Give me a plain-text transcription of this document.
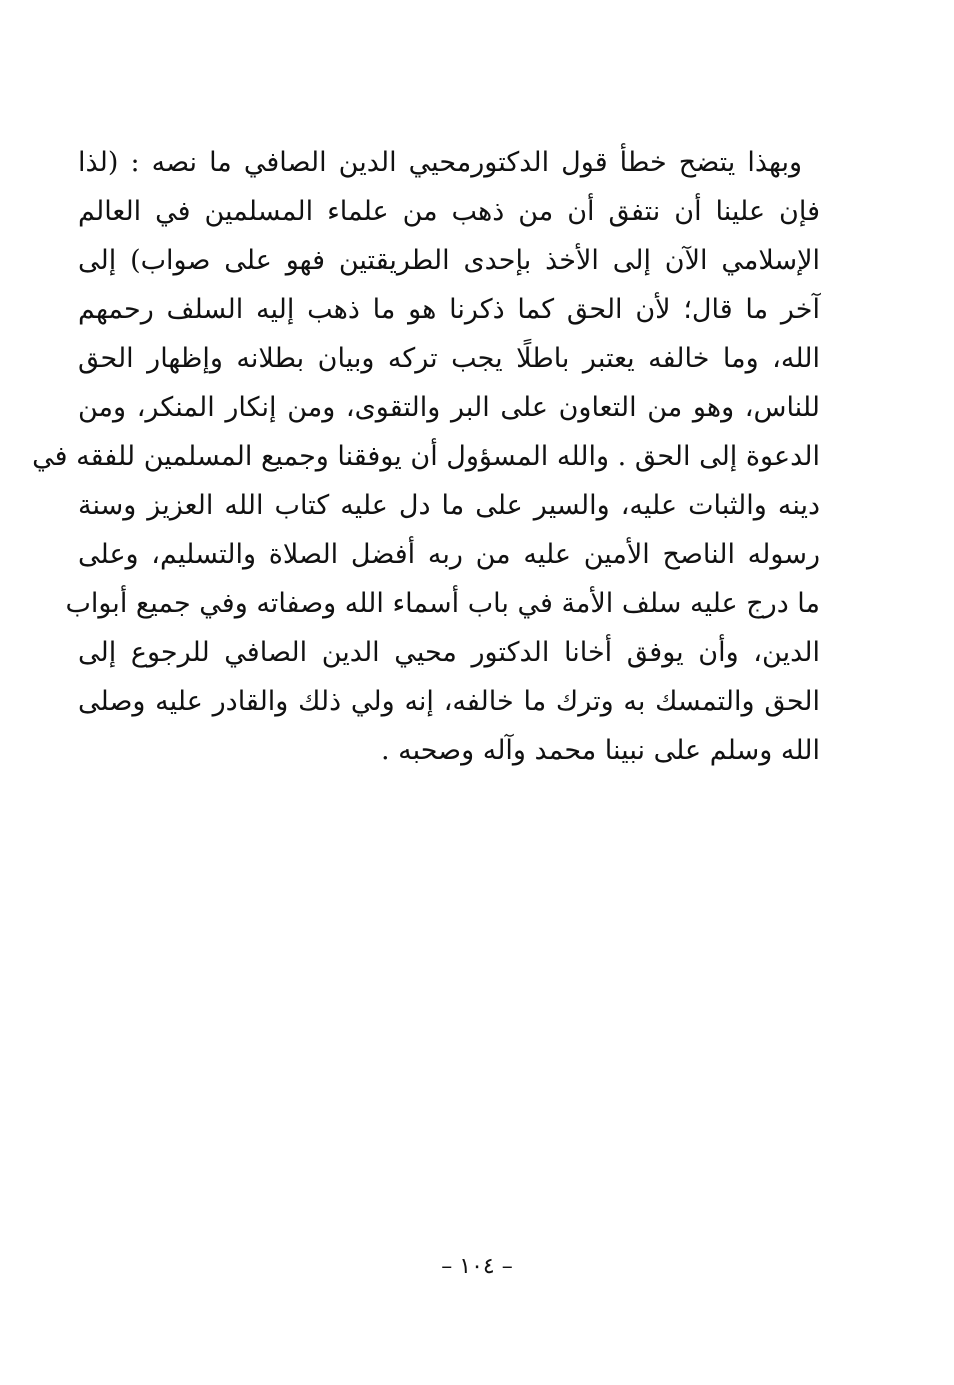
وبهذا يتضح خطأ قول الدكتورمحيي الدين الصافي ما نصه : (لذا
فإن علينا أن نتفق أن من ذهب من علماء المسلمين في العالم
الإسلامي الآن إلى الأخذ بإحدى الطريقتين فهو على صواب) إلى
آخر ما قال؛ لأن الحق كما ذكرنا هو ما ذهب إليه السلف رحمهم
الله، وما خالفه يعتبر باطلًا يجب تركه وبيان بطلانه وإظهار الحق
للناس، وهو من التعاون على البر والتقوى، ومن إنكار المنكر، ومن
الدعوة إلى الحق . والله المسؤول أن يوفقنا وجميع المسلمين للفقه في
دينه والثبات عليه، والسير على ما دل عليه كتاب الله العزيز وسنة
رسوله الناصح الأمين عليه من ربه أفضل الصلاة والتسليم، وعلى
ما درج عليه سلف الأمة في باب أسماء الله وصفاته وفي جميع أبواب
الدين، وأن يوفق أخانا الدكتور محيي الدين الصافي للرجوع إلى
الحق والتمسك به وترك ما خالفه، إنه ولي ذلك والقادر عليه وصلى
الله وسلم على نبينا محمد وآله وصحبه .
– ١٠٤ –
